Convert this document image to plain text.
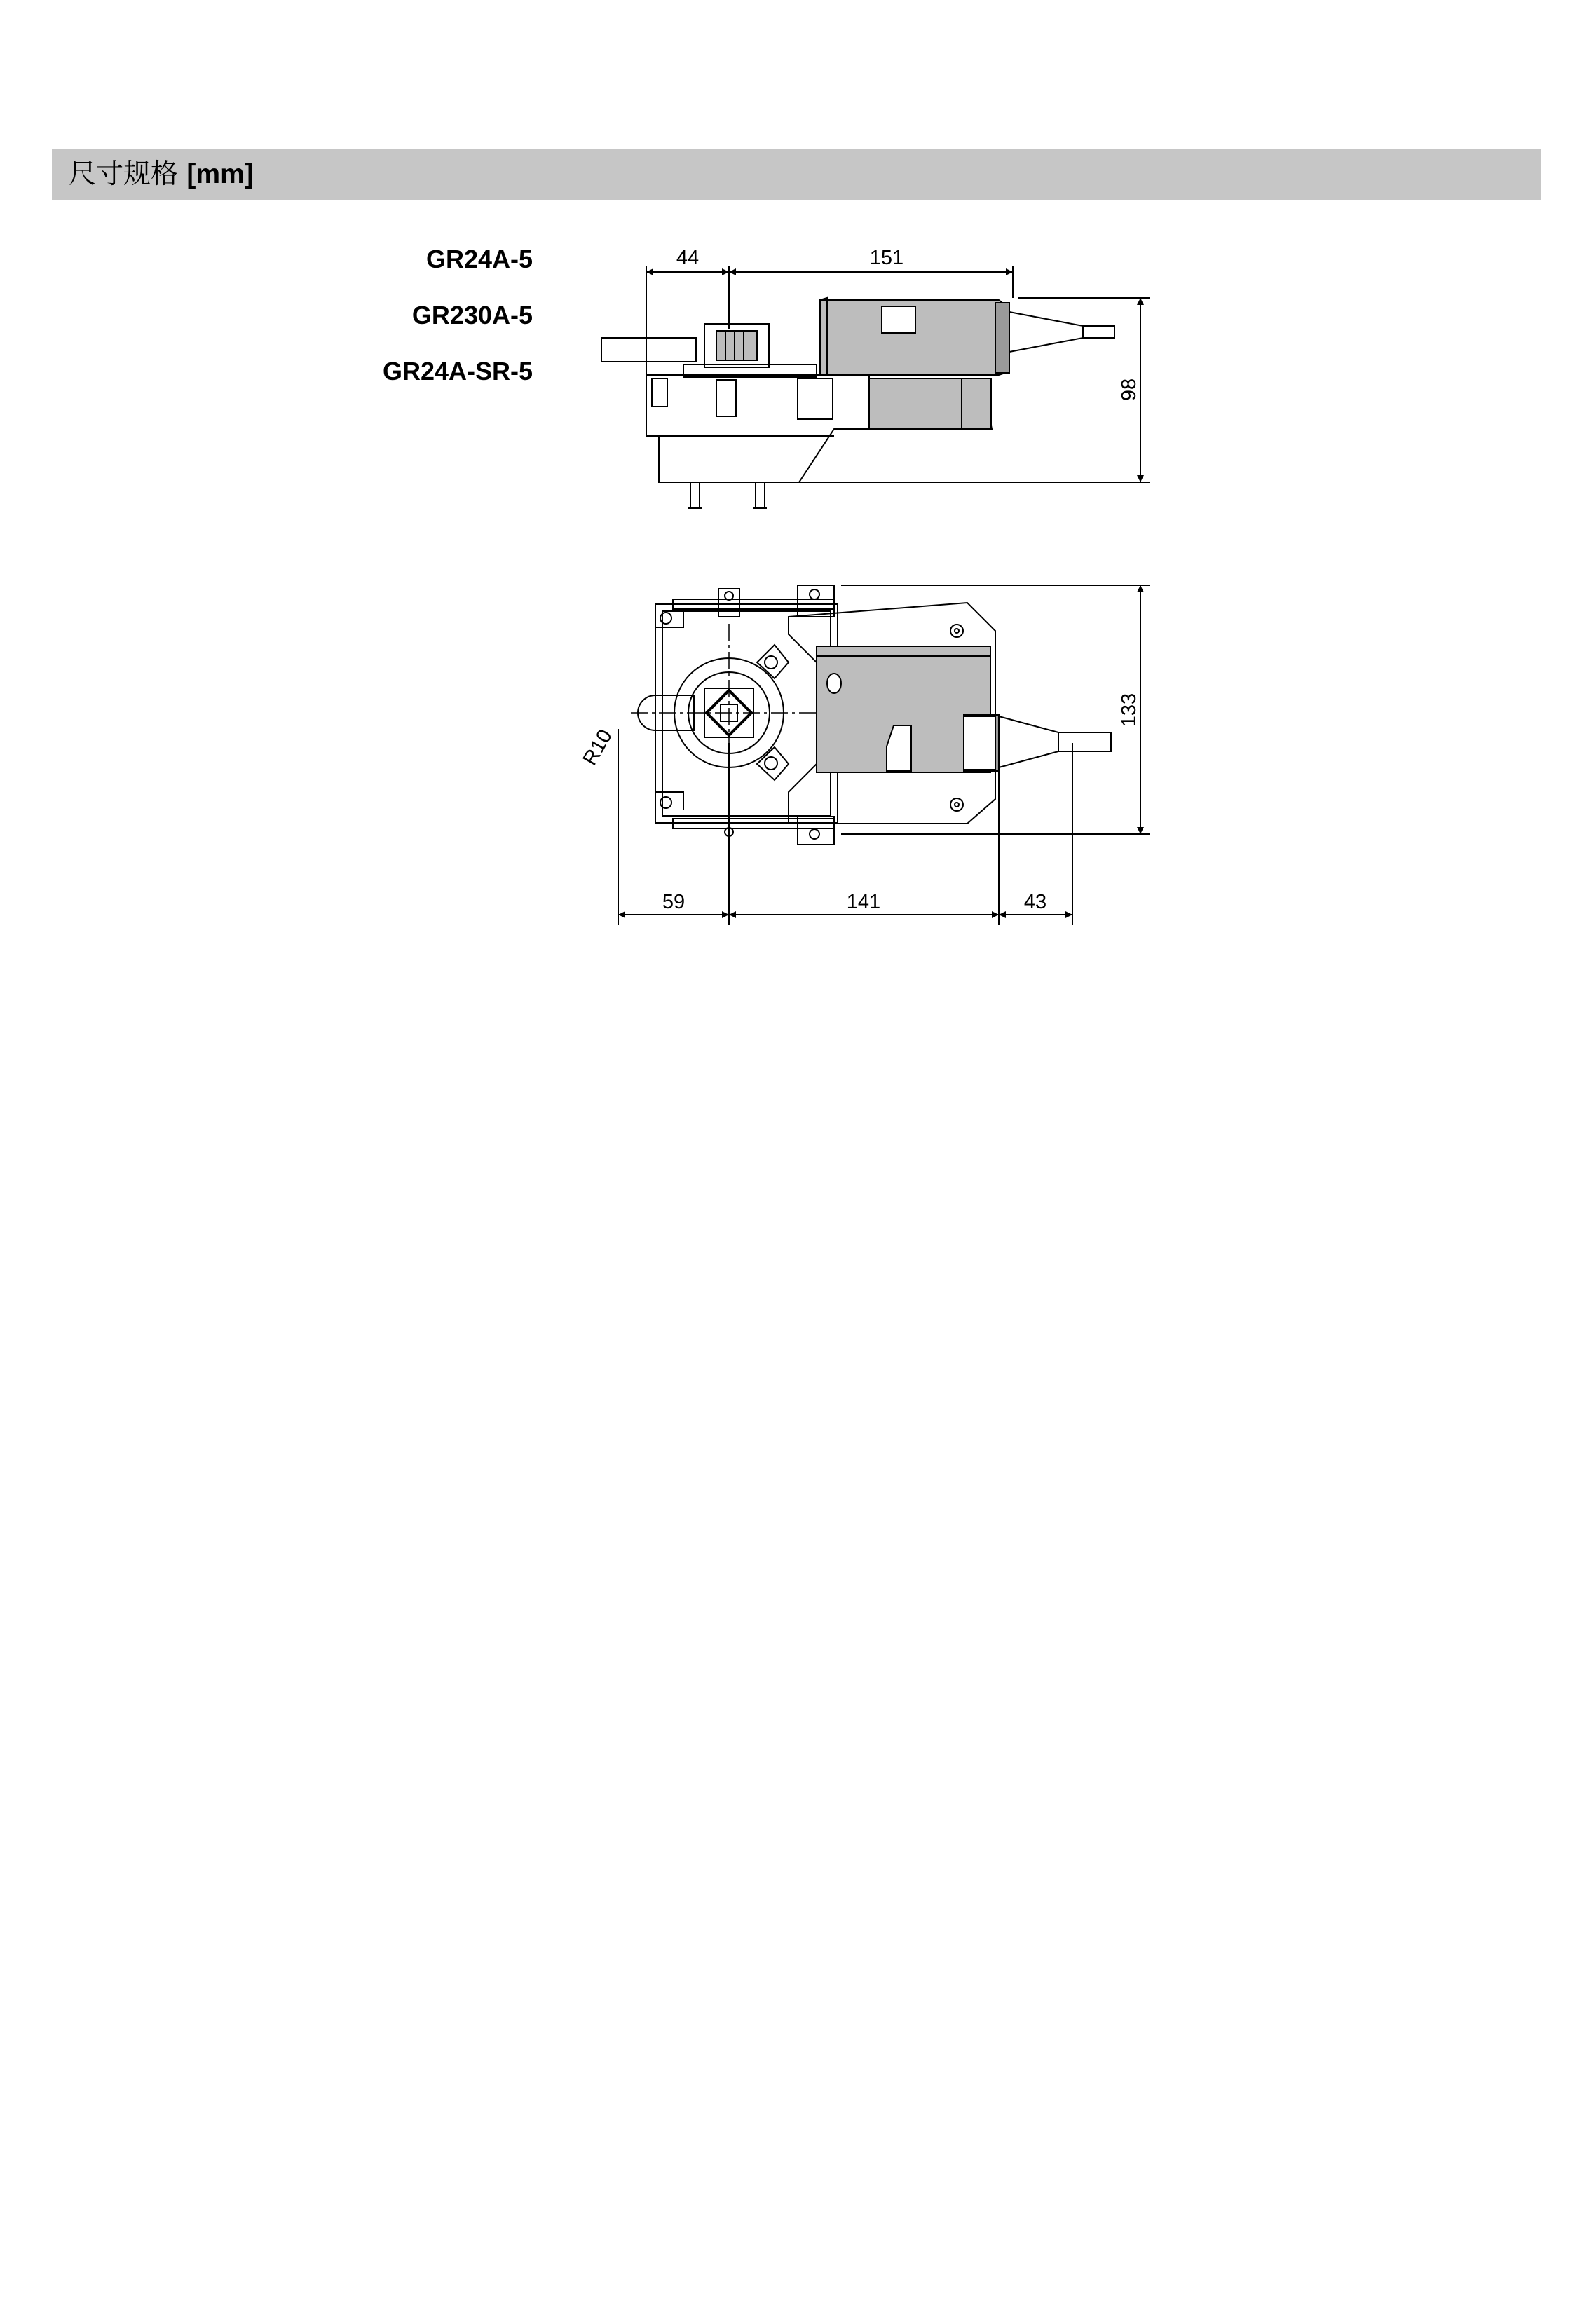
尺寸规格 [mm]
GR24A-5
GR230A-5
GR24A-SR-5
44	151
98
133
59	141	43
R10
